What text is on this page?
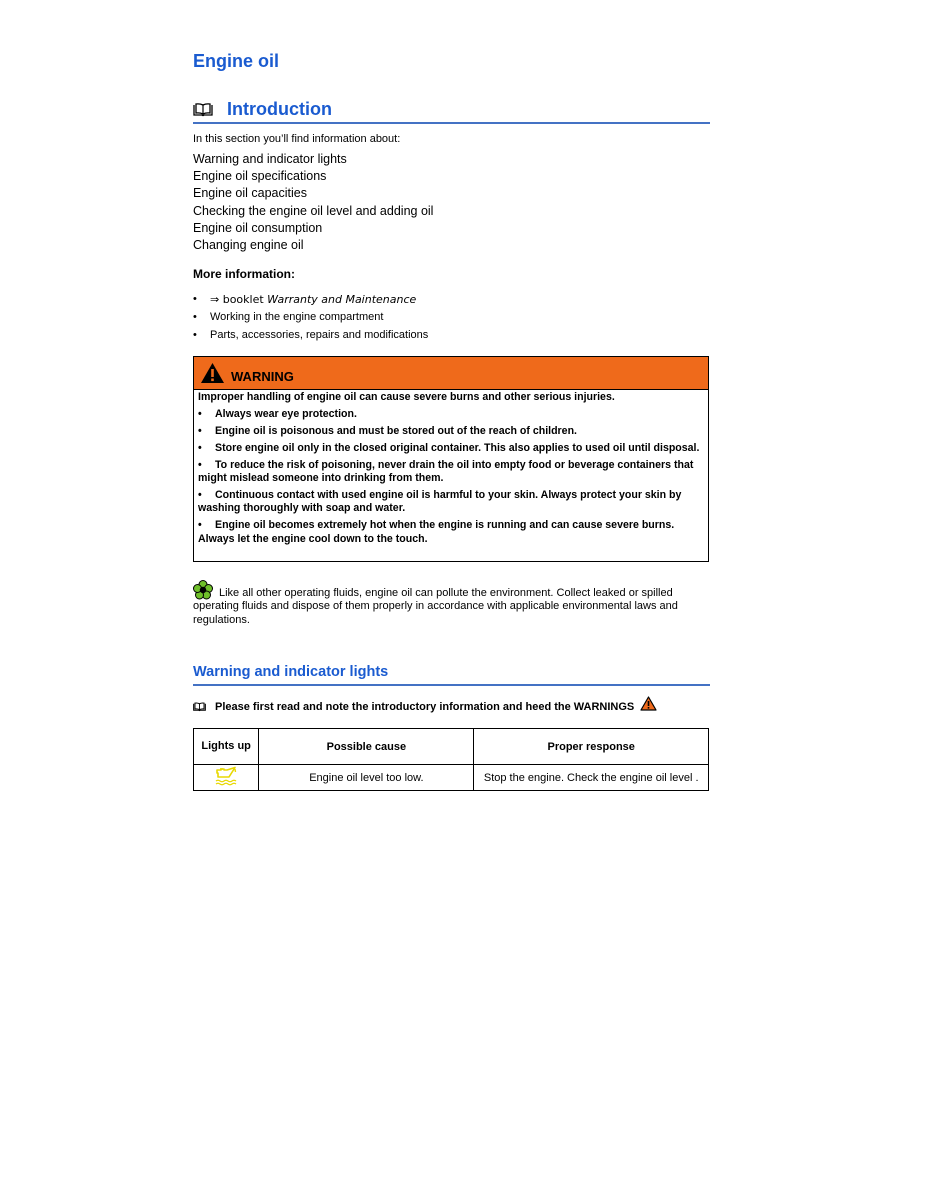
Engine oil
Introduction
In this section you’ll find information about:
Warning and indicator lights
Engine oil specifications
Engine oil capacities
Checking the engine oil level and adding oil
Engine oil consumption
Changing engine oil
More information:
• ⇒ booklet Warranty and Maintenance
• Working in the engine compartment
• Parts, accessories, repairs and modifications
WARNING

Improper handling of engine oil can cause severe burns and other serious injuries.

• Always wear eye protection.

• Engine oil is poisonous and must be stored out of the reach of children.

• Store engine oil only in the closed original container. This also applies to used oil until disposal.

• To reduce the risk of poisoning, never drain the oil into empty food or beverage containers that might mislead someone into drinking from them.

• Continuous contact with used engine oil is harmful to your skin. Always protect your skin by washing thoroughly with soap and water.

• Engine oil becomes extremely hot when the engine is running and can cause severe burns. Always let the engine cool down to the touch.

Like all other operating fluids, engine oil can pollute the environment. Collect leaked or spilled operating fluids and dispose of them properly in accordance with applicable environmental laws and regulations.
Warning and indicator lights
Please first read and note the introductory information and heed the WARNINGS
Lights up	Possible cause	Proper response
	Engine oil level too low.	Stop the engine. Check the engine oil level .
